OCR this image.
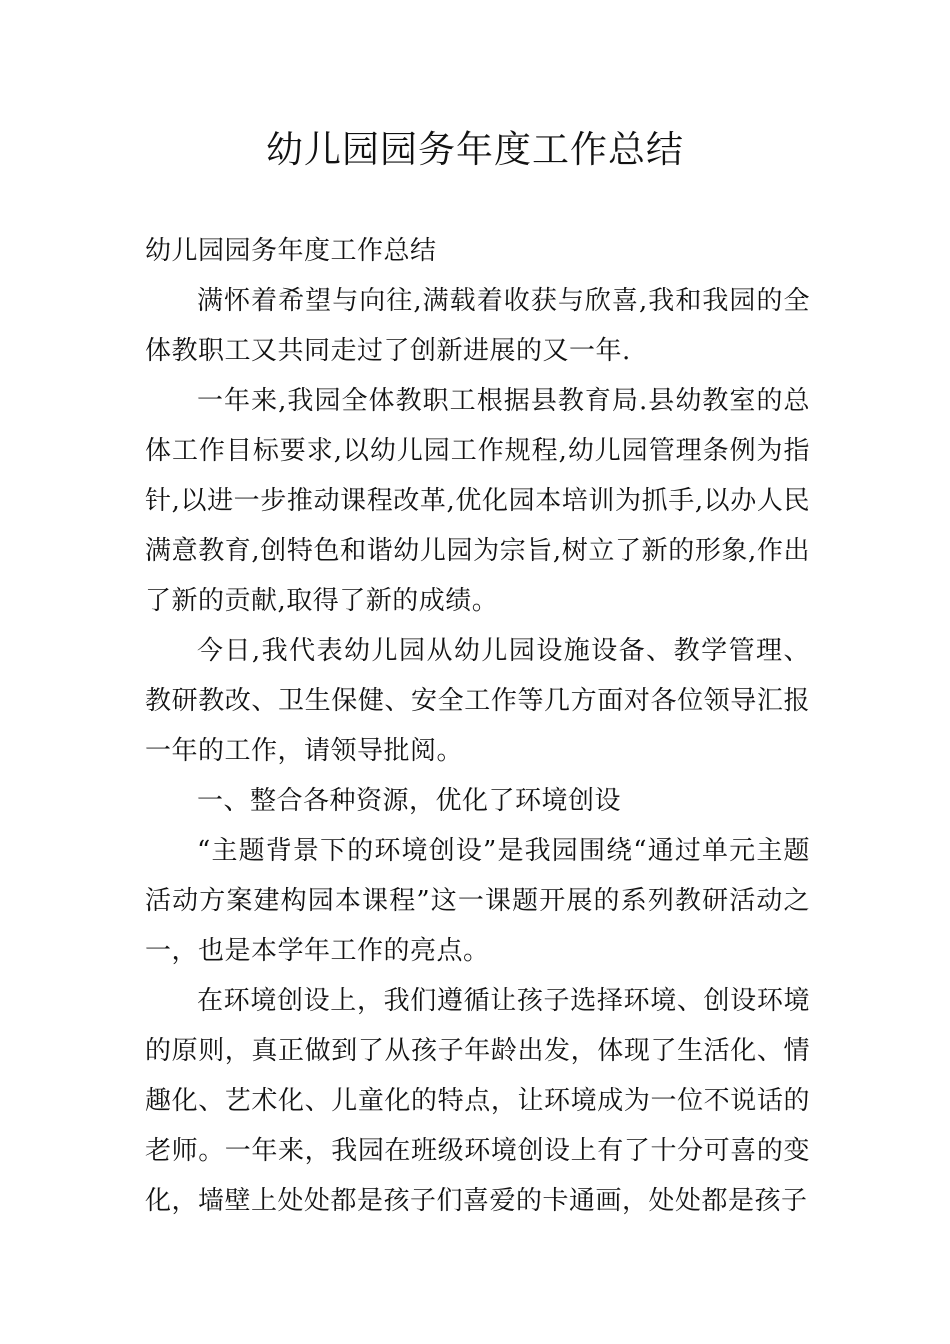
幼儿园园务年度工作总结

幼儿园园务年度工作总结

满怀着希望与向往,满载着收获与欣喜,我和我园的全体教职工又共同走过了创新进展的又一年.

一年来,我园全体教职工根据县教育局.县幼教室的总体工作目标要求,以幼儿园工作规程,幼儿园管理条例为指针,以进一步推动课程改革,优化园本培训为抓手,以办人民满意教育,创特色和谐幼儿园为宗旨,树立了新的形象,作出了新的贡献,取得了新的成绩。

今日,我代表幼儿园从幼儿园设施设备、教学管理、教研教改、卫生保健、安全工作等几方面对各位领导汇报一年的工作，请领导批阅。

一、整合各种资源，优化了环境创设

“主题背景下的环境创设”是我园围绕“通过单元主题活动方案建构园本课程”这一课题开展的系列教研活动之一，也是本学年工作的亮点。

在环境创设上，我们遵循让孩子选择环境、创设环境的原则，真正做到了从孩子年龄出发，体现了生活化、情趣化、艺术化、儿童化的特点，让环境成为一位不说话的老师。一年来，我园在班级环境创设上有了十分可喜的变化，墙壁上处处都是孩子们喜爱的卡通画，处处都是孩子
